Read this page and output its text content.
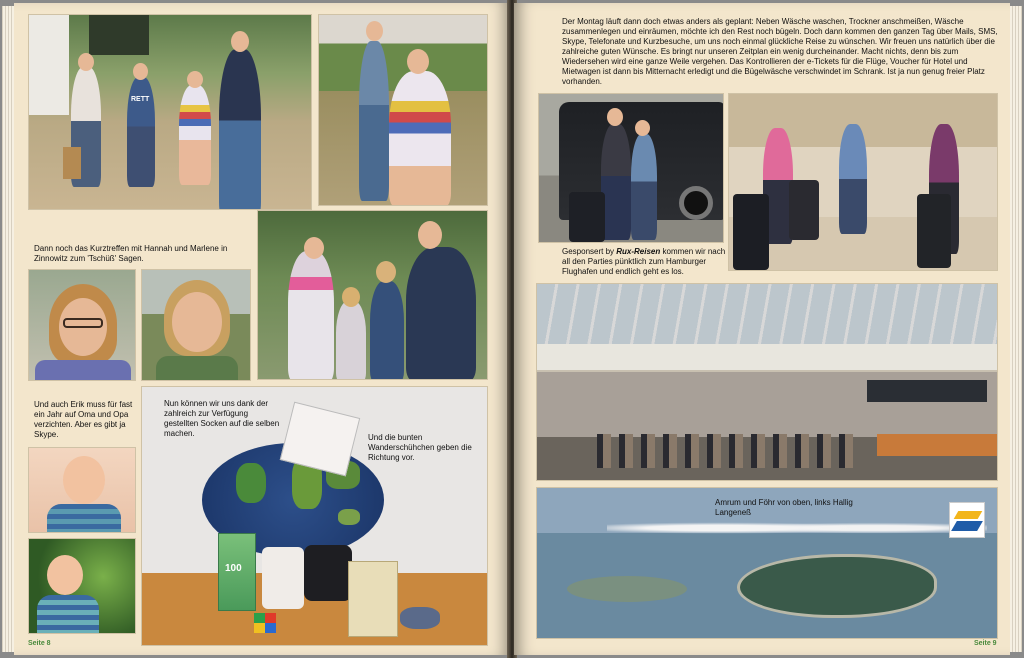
RETT
Dann noch das Kurztreffen mit Hannah und Marlene in Zinnowitz zum 'Tschüß' Sagen.
Und auch Erik muss für fast ein Jahr auf Oma und Opa verzichten. Aber es gibt ja Skype.
Nun können wir uns dank der zahlreich zur Verfügung gestellten Socken auf die selben machen.	Und die bunten Wanderschühchen geben die Richtung vor.
100
Seite 8
Der Montag läuft dann doch etwas anders als geplant: Neben Wäsche waschen, Trockner anschmeißen, Wäsche zusammenlegen und einräumen, möchte ich den Rest noch bügeln. Doch dann kommen den ganzen Tag über Mails, SMS, Skype, Telefonate und Kurzbesuche, um uns noch einmal glückliche Reise zu wünschen. Wir freuen uns natürlich über die zahlreiche guten Wünsche. Es bringt nur unseren Zeitplan ein wenig durcheinander. Macht nichts, denn bis zum Wiedersehen wird eine ganze Weile vergehen. Das Kontrollieren der e-Tickets für die Flüge, Voucher für Hotel und Mietwagen ist dann bis Mitternacht erledigt und die Bügelwäsche verschwindet im Schrank. Ist ja nun genug freier Platz vorhanden.
Gesponsert by Rux-Reisen kommen wir nach all den Parties pünktlich zum Hamburger Flughafen und endlich geht es los.
Amrum und Föhr von oben, links Hallig Langeneß
Seite 9
